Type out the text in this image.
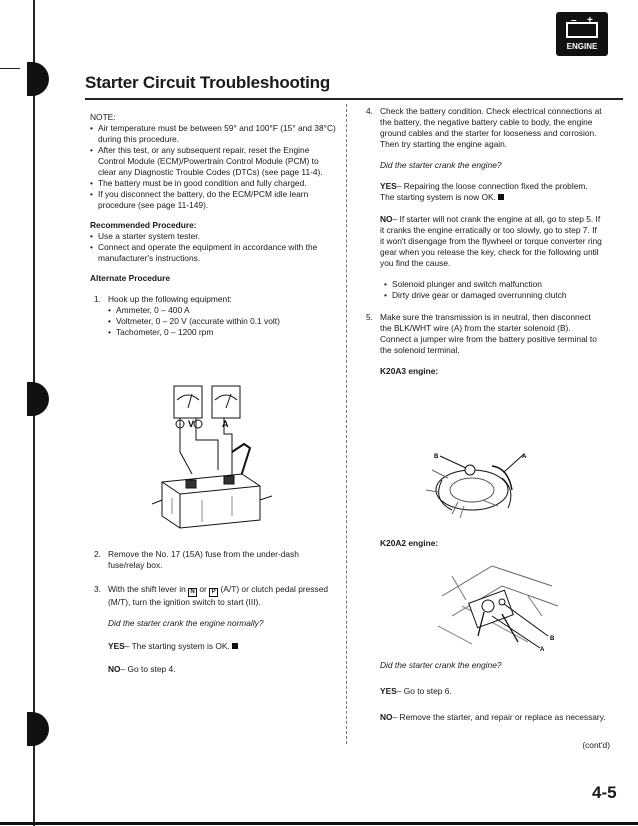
– +
ENGINE
Starter Circuit Troubleshooting

NOTE:

• Air temperature must be between 59° and 100°F (15° and 38°C) during this procedure.

• After this test, or any subsequent repair, reset the Engine Control Module (ECM)/Powertrain Control Module (PCM) to clear any Diagnostic Trouble Codes (DTCs) (see page 11-4).

• The battery must be in good condition and fully charged.

• If you disconnect the battery, do the ECM/PCM idle learn procedure (see page 11-149).

Recommended Procedure:

• Use a starter system tester.

• Connect and operate the equipment in accordance with the manufacturer's instructions.

Alternate Procedure

1. Hook up the following equipment:

• Ammeter, 0 – 400 A

• Voltmeter, 0 – 20 V (accurate within 0.1 volt)

• Tachometer, 0 – 1200 rpm

V	A

2. Remove the No. 17 (15A) fuse from the under-dash fuse/relay box.

3. With the shift lever in N or P (A/T) or clutch pedal pressed (M/T), turn the ignition switch to start (III).

Did the starter crank the engine normally?

YES– The starting system is OK.

NO– Go to step 4.

4. Check the battery condition. Check electrical connections at the battery, the negative battery cable to body, the engine ground cables and the starter for looseness and corrosion. Then try starting the engine again.

Did the starter crank the engine?

YES– Repairing the loose connection fixed the problem. The starting system is now OK.

NO– If starter will not crank the engine at all, go to step 5. If it cranks the engine erratically or too slowly, go to step 7. If it won't disengage from the flywheel or torque converter ring gear when you release the key, check for the following until you find the cause.

• Solenoid plunger and switch malfunction

• Dirty drive gear or damaged overrunning clutch

5. Make sure the transmission is in neutral, then disconnect the BLK/WHT wire (A) from the starter solenoid (B). Connect a jumper wire from the battery positive terminal to the solenoid terminal.

K20A3 engine:

B	A

K20A2 engine:

B
A

Did the starter crank the engine?

YES– Go to step 6.

NO– Remove the starter, and repair or replace as necessary.

(cont'd)
4-5
